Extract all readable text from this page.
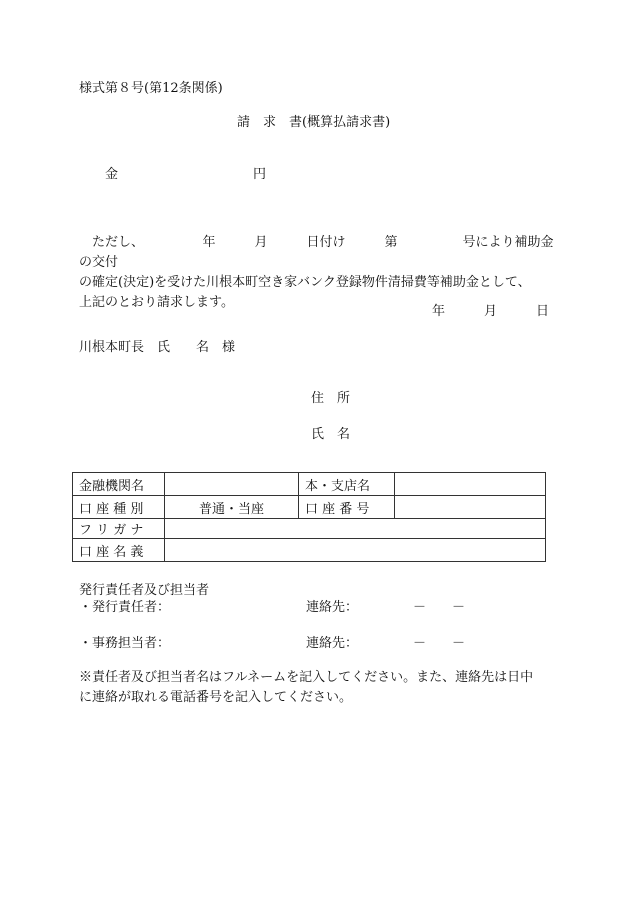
様式第８号(第12条関係)
請　求　書(概算払請求書)
金	円
　ただし、　　　　　年　　　月　　　日付け　　　第　　　　　号により補助金の交付
の確定(決定)を受けた川根本町空き家バンク登録物件清掃費等補助金として、
上記のとおり請求します。
年　　　月　　　日
川根本町長　氏　　名　様
住　所
氏　名
金融機関名		本・支店名	
口 座 種 別	普通・当座	口 座 番 号	
フ リ ガ ナ			
口 座 名 義			
発行責任者及び担当者
・発行責任者：	連絡先：	－　　－
・事務担当者：	連絡先：	－　　－
※責任者及び担当者名はフルネームを記入してください。また、連絡先は日中
に連絡が取れる電話番号を記入してください。
